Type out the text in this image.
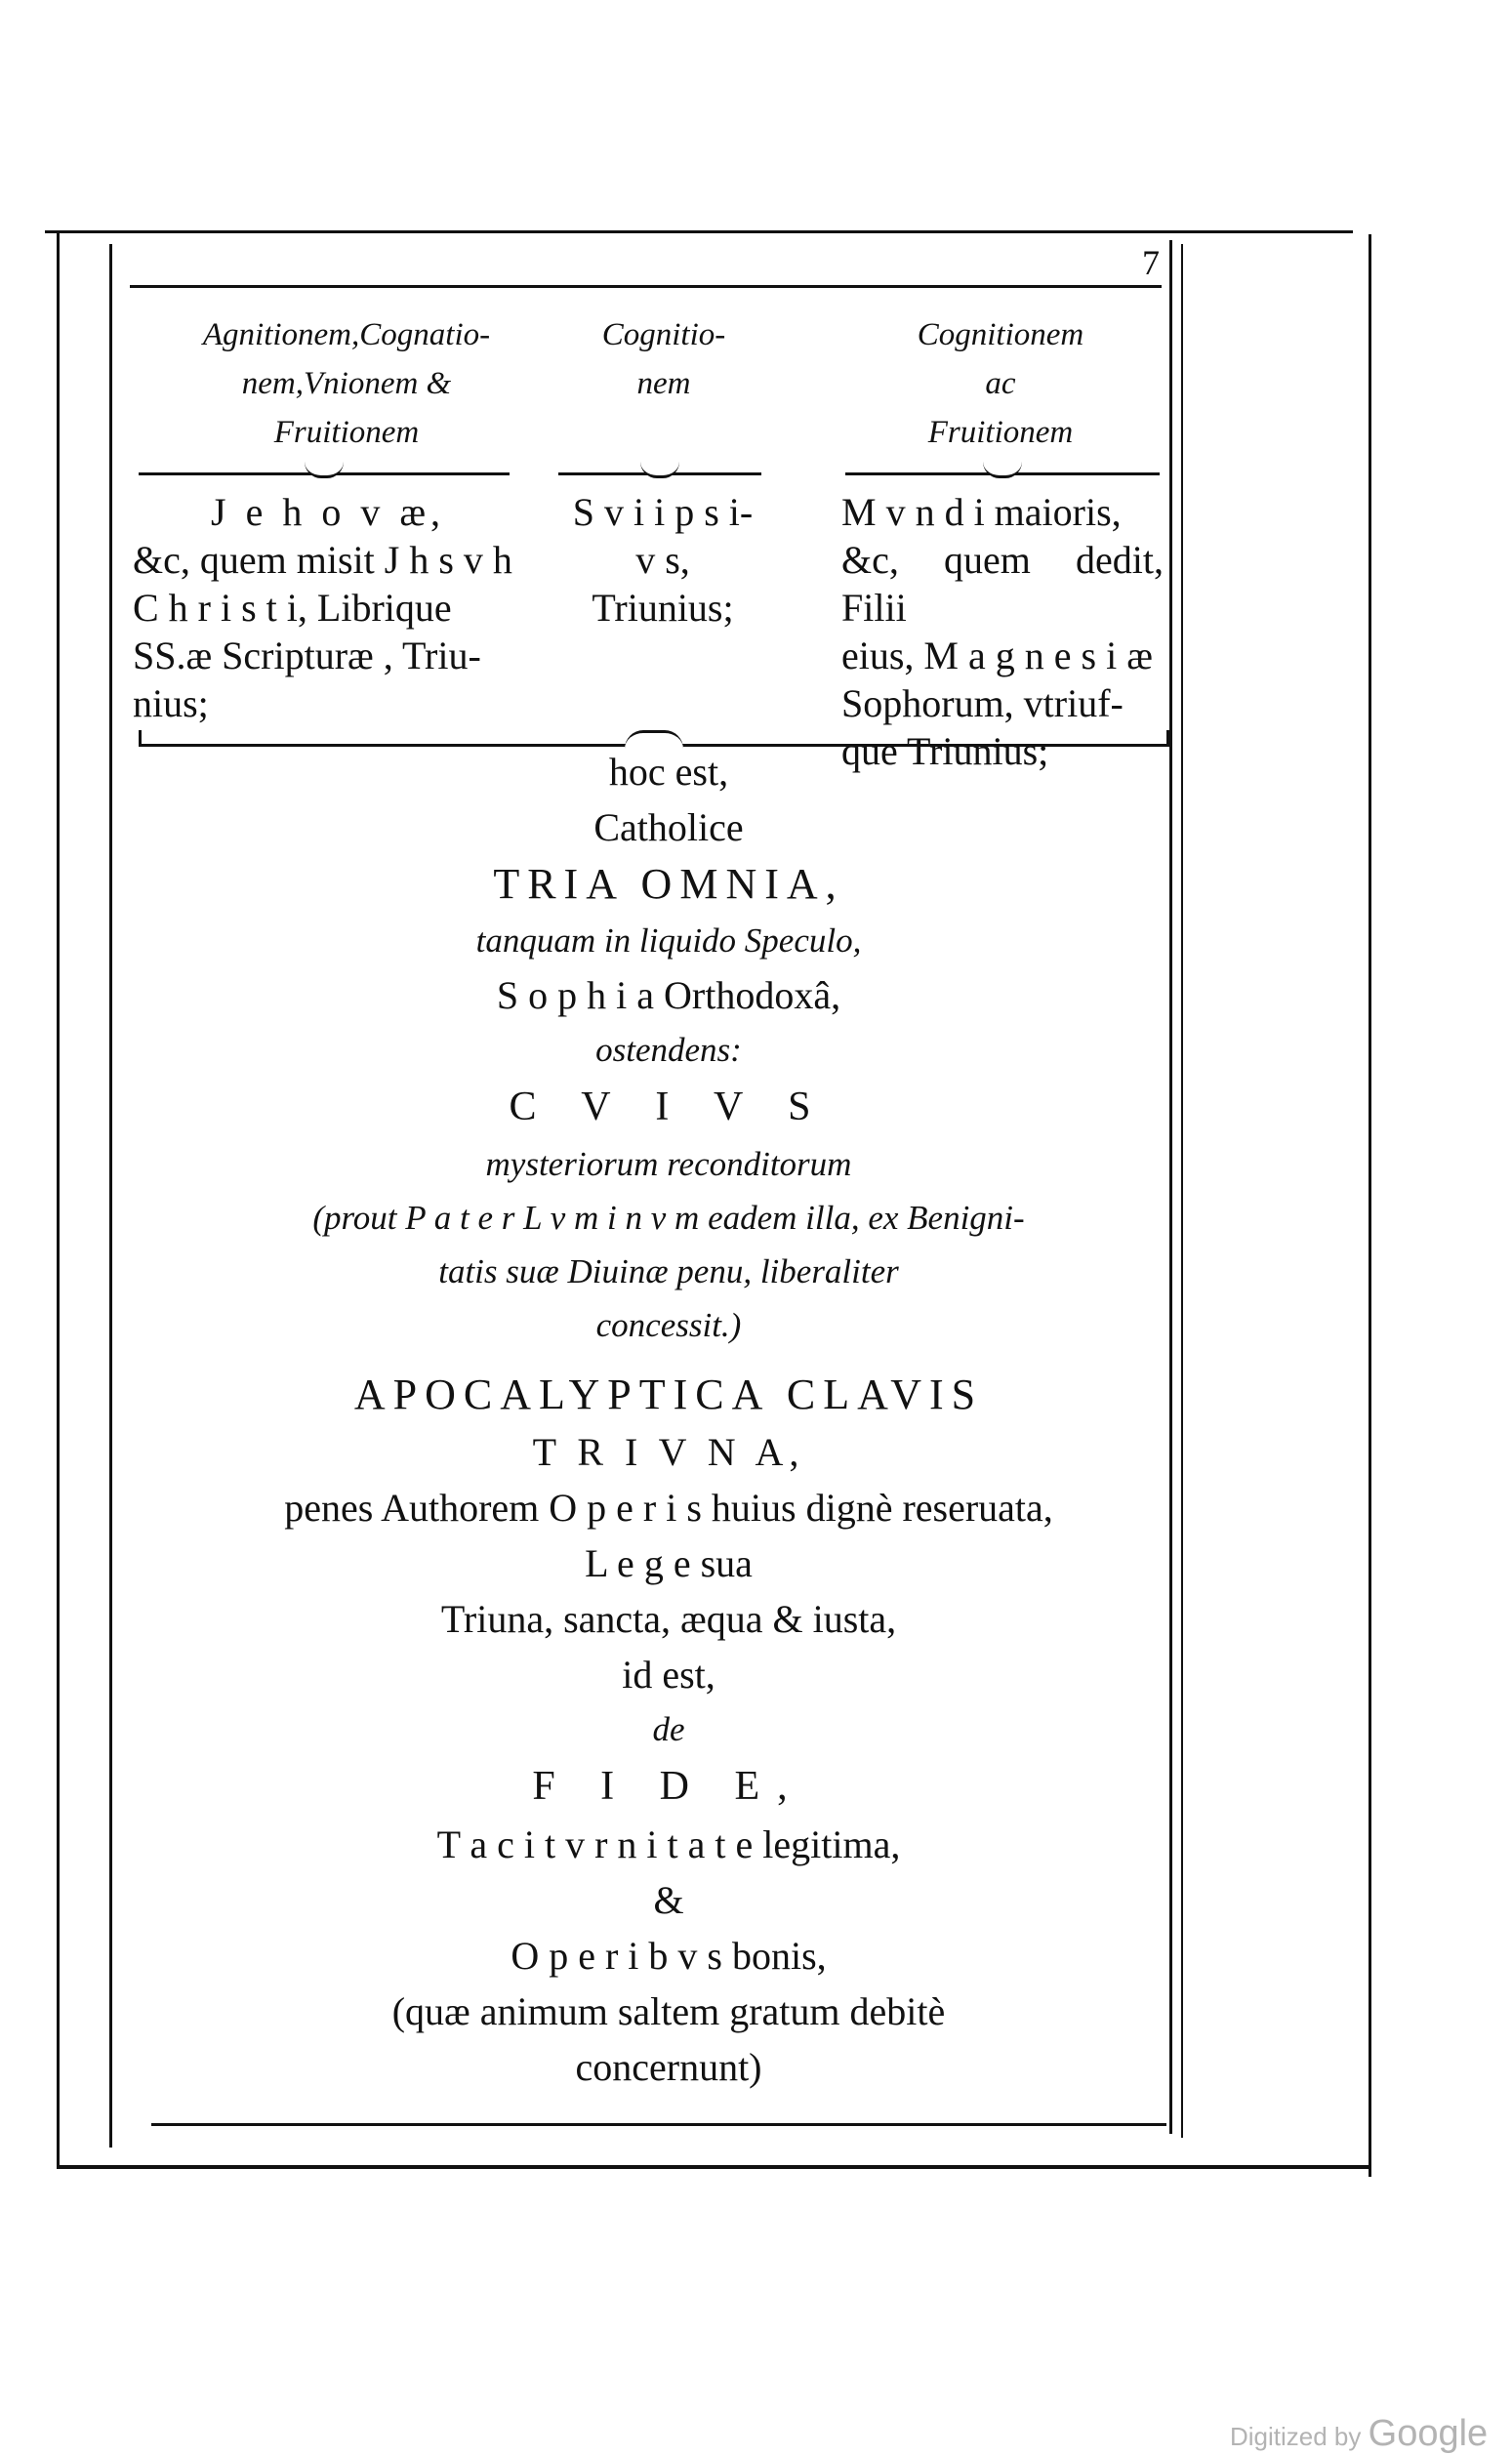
7
Agnitionem,Cognatio-
nem,Vnionem &
Fruitionem
Cognitio-
nem
Cognitionem
ac
Fruitionem
J e h o v æ,
&c, quem misit J h s v h
C h r i s t i, Librique
SS.æ Scripturæ , Triu-
nius;
S v i i p s i-
v s,
Triunius;
M v n d i maioris,
&c, quem dedit, Filii
eius, M a g n e s i æ
Sophorum, vtriuf-
que Triunius;
hoc est,
Catholice
TRIA OMNIA,
tanquam in liquido Speculo,
S o p h i a Orthodoxâ,
ostendens:
C V I V S
mysteriorum reconditorum
(prout P a t e r L v m i n v m eadem illa, ex Benigni-
tatis suæ Diuinæ penu, liberaliter
concessit.)
APOCALYPTICA CLAVIS
T R I V N A,
penes Authorem O p e r i s huius dignè reseruata,
L e g e sua
Triuna, sancta, æqua & iusta,
id est,
de
F I D E,
T a c i t v r n i t a t e legitima,
&
O p e r i b v s bonis,
(quæ animum saltem gratum debitè
concernunt)
Digitized by Google
